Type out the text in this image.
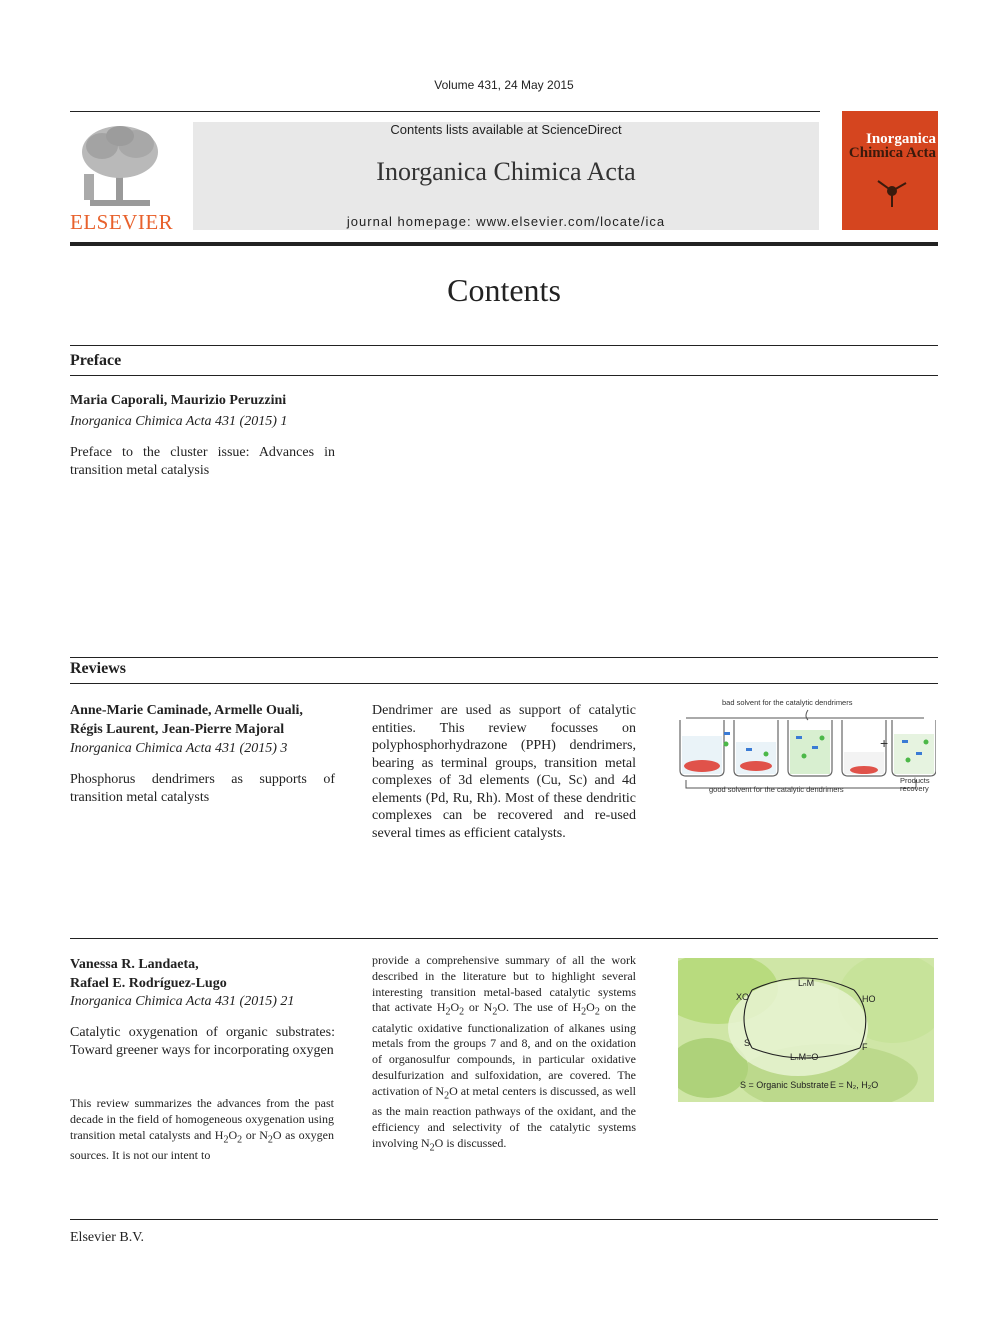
Volume 431, 24 May 2015
ELSEVIER
Contents lists available at ScienceDirect
Inorganica Chimica Acta
journal homepage: www.elsevier.com/locate/ica
Inorganica
Chimica Acta
Contents
Preface
Maria Caporali, Maurizio Peruzzini
Inorganica Chimica Acta 431 (2015) 1
Preface to the cluster issue: Advances in transition metal catalysis
Reviews
Anne-Marie Caminade, Armelle Ouali,
Régis Laurent, Jean-Pierre Majoral
Inorganica Chimica Acta 431 (2015) 3
Phosphorus dendrimers as supports of transition metal catalysts
Dendrimer are used as support of catalytic entities. This review focusses on polyphosphorhydrazone (PPH) dendrimers, bearing as terminal groups, transition metal complexes of 3d elements (Cu, Sc) and 4d elements (Pd, Ru, Rh). Most of these dendritic complexes can be recovered and re-used several times as efficient catalysts.
bad solvent for the catalytic dendrimers
good solvent for the catalytic dendrimers
+
Products
recovery
Vanessa R. Landaeta,
Rafael E. Rodríguez-Lugo
Inorganica Chimica Acta 431 (2015) 21
Catalytic oxygenation of organic substrates: Toward greener ways for incorporating oxygen
This review summarizes the advances from the past decade in the field of homogeneous oxygenation using transition metal catalysts and $H_2O_2$ or $N_2O$ as oxygen sources. It is not our intent to
provide a comprehensive summary of all the work described in the literature but to highlight several interesting transition metal-based catalytic systems that activate $H_2O_2$ or $N_2O$. The use of $H_2O_2$ on the catalytic oxidative functionalization of alkanes using metals from the groups 7 and 8, and on the oxidation of organosulfur compounds, in particular oxidative desulfurization and sulfoxidation, are covered. The activation of $N_2O$ at metal centers is discussed, as well as the main reaction pathways of the oxidant, and the efficiency and selectivity of the catalytic systems involving $N_2O$ is discussed.
LₙM
XO	HO
S	F
LₙM=O
S = Organic Substrate E = N₂, H₂O
Elsevier B.V.
